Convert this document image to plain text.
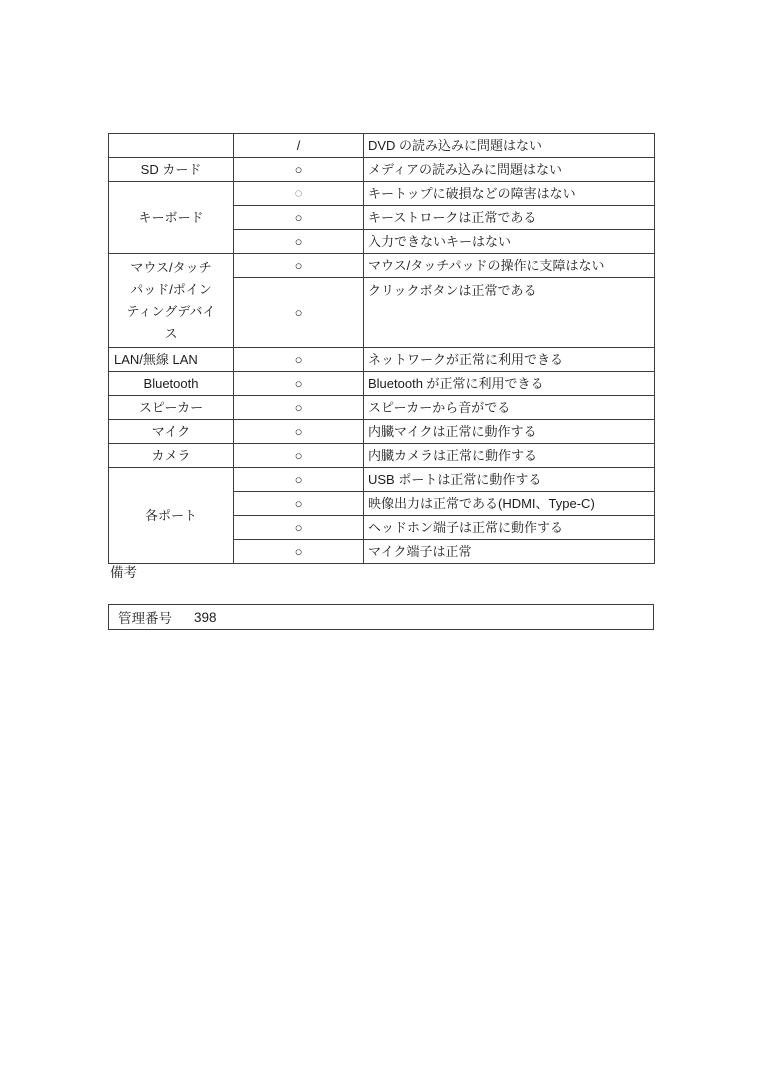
	/	DVD の読み込みに問題はない
SD カード	○	メディアの読み込みに問題はない
キーボード	○	キートップに破損などの障害はない
	○	キーストロークは正常である
	○	入力できないキーはない

マウス/タッチ
パッド/ポイン
ティングデバイ
ス	○	マウス/タッチパッドの操作に支障はない
	○	クリックボタンは正常である
LAN/無線 LAN	○	ネットワークが正常に利用できる
Bluetooth	○	Bluetooth が正常に利用できる
スピーカー	○	スピーカーから音がでる
マイク	○	内臓マイクは正常に動作する
カメラ	○	内臓カメラは正常に動作する
各ポート	○	USB ポートは正常に動作する
	○	映像出力は正常である(HDMI、Type-C)
	○	ヘッドホン端子は正常に動作する
	○	マイク端子は正常
備考
管理番号 398
